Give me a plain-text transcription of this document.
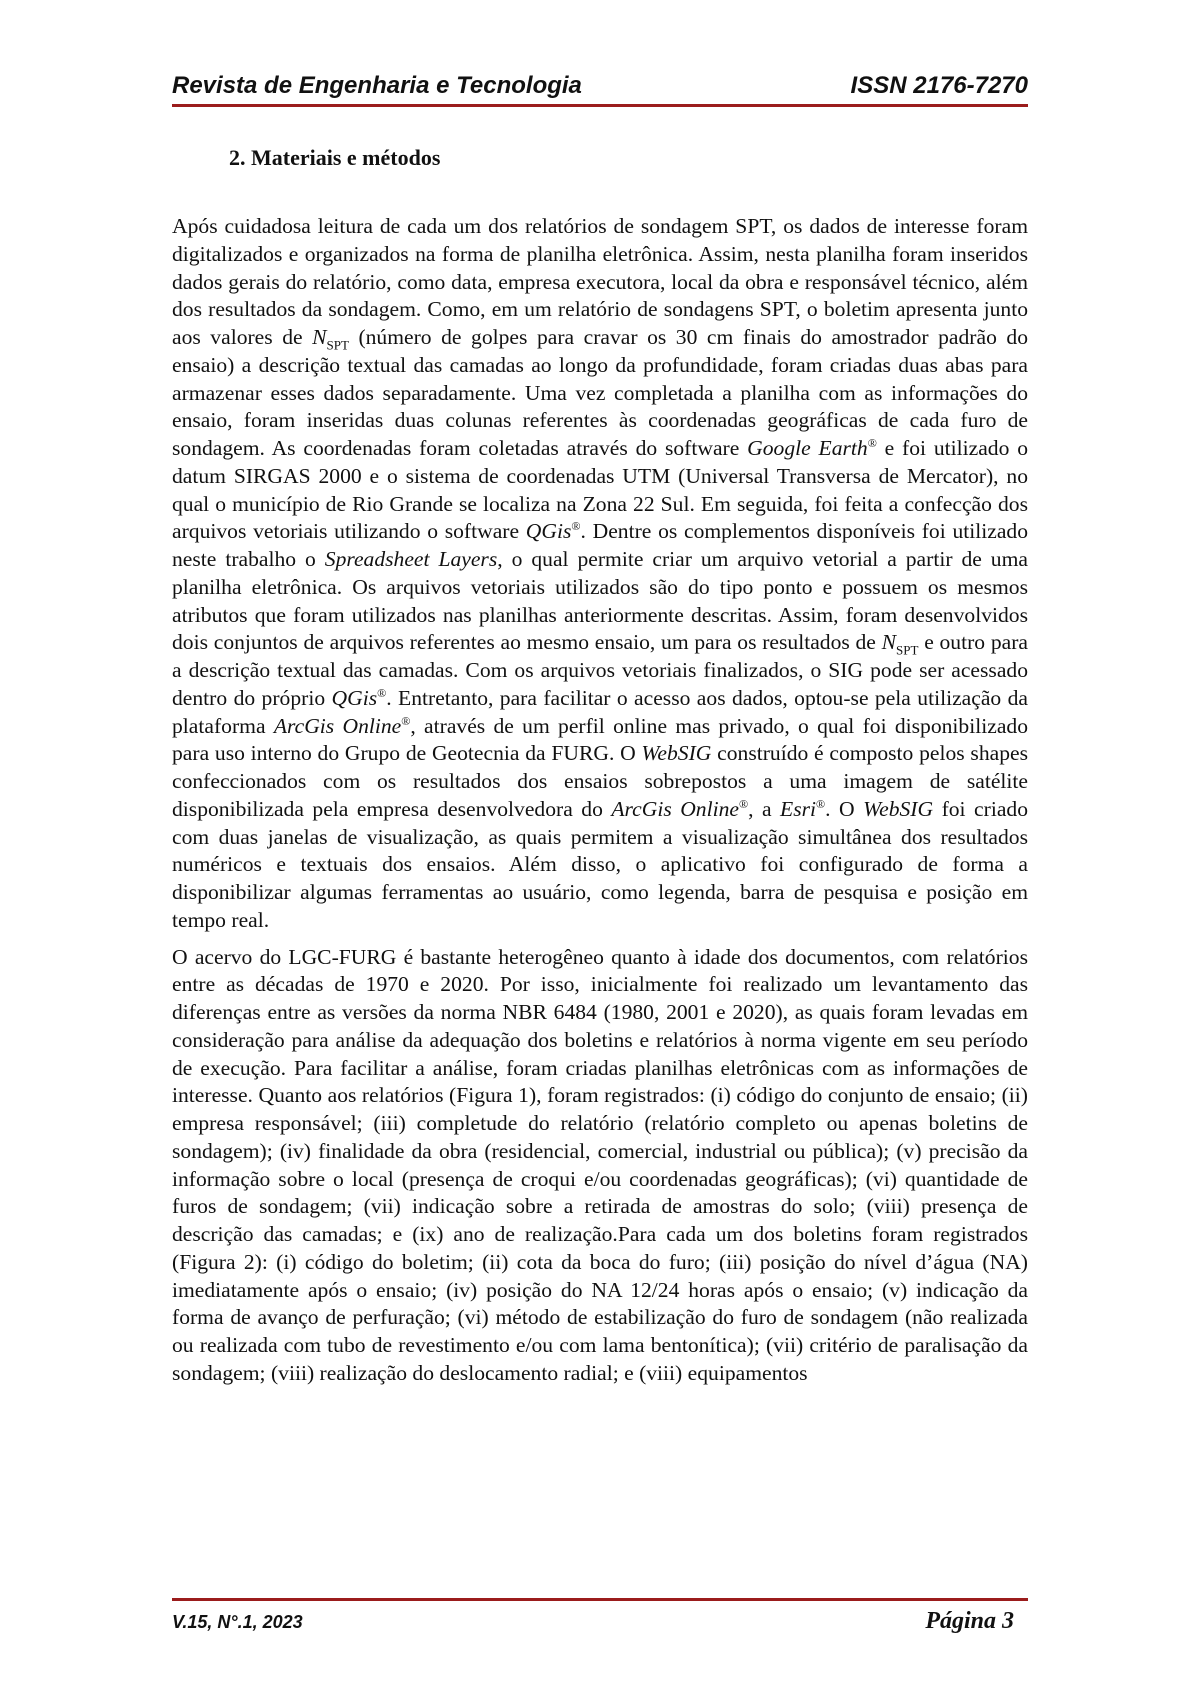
Revista de Engenharia e Tecnologia	ISSN 2176-7270
2. Materiais e métodos

Após cuidadosa leitura de cada um dos relatórios de sondagem SPT, os dados de interesse foram digitalizados e organizados na forma de planilha eletrônica. Assim, nesta planilha foram inseridos dados gerais do relatório, como data, empresa executora, local da obra e responsável técnico, além dos resultados da sondagem. Como, em um relatório de sondagens SPT, o boletim apresenta junto aos valores de $N_{SPT}$ (número de golpes para cravar os 30 cm finais do amostrador padrão do ensaio) a descrição textual das camadas ao longo da profundidade, foram criadas duas abas para armazenar esses dados separadamente. Uma vez completada a planilha com as informações do ensaio, foram inseridas duas colunas referentes às coordenadas geográficas de cada furo de sondagem. As coordenadas foram coletadas através do software Google Earth® e foi utilizado o datum SIRGAS 2000 e o sistema de coordenadas UTM (Universal Transversa de Mercator), no qual o município de Rio Grande se localiza na Zona 22 Sul. Em seguida, foi feita a confecção dos arquivos vetoriais utilizando o software QGis®. Dentre os complementos disponíveis foi utilizado neste trabalho o Spreadsheet Layers, o qual permite criar um arquivo vetorial a partir de uma planilha eletrônica. Os arquivos vetoriais utilizados são do tipo ponto e possuem os mesmos atributos que foram utilizados nas planilhas anteriormente descritas. Assim, foram desenvolvidos dois conjuntos de arquivos referentes ao mesmo ensaio, um para os resultados de $N_{SPT}$ e outro para a descrição textual das camadas. Com os arquivos vetoriais finalizados, o SIG pode ser acessado dentro do próprio QGis®. Entretanto, para facilitar o acesso aos dados, optou-se pela utilização da plataforma ArcGis Online®, através de um perfil online mas privado, o qual foi disponibilizado para uso interno do Grupo de Geotecnia da FURG. O WebSIG construído é composto pelos shapes confeccionados com os resultados dos ensaios sobrepostos a uma imagem de satélite disponibilizada pela empresa desenvolvedora do ArcGis Online®, a Esri®. O WebSIG foi criado com duas janelas de visualização, as quais permitem a visualização simultânea dos resultados numéricos e textuais dos ensaios. Além disso, o aplicativo foi configurado de forma a disponibilizar algumas ferramentas ao usuário, como legenda, barra de pesquisa e posição em tempo real.

O acervo do LGC-FURG é bastante heterogêneo quanto à idade dos documentos, com relatórios entre as décadas de 1970 e 2020. Por isso, inicialmente foi realizado um levantamento das diferenças entre as versões da norma NBR 6484 (1980, 2001 e 2020), as quais foram levadas em consideração para análise da adequação dos boletins e relatórios à norma vigente em seu período de execução. Para facilitar a análise, foram criadas planilhas eletrônicas com as informações de interesse. Quanto aos relatórios (Figura 1), foram registrados: (i) código do conjunto de ensaio; (ii) empresa responsável; (iii) completude do relatório (relatório completo ou apenas boletins de sondagem); (iv) finalidade da obra (residencial, comercial, industrial ou pública); (v) precisão da informação sobre o local (presença de croqui e/ou coordenadas geográficas); (vi) quantidade de furos de sondagem; (vii) indicação sobre a retirada de amostras do solo; (viii) presença de descrição das camadas; e (ix) ano de realização.Para cada um dos boletins foram registrados (Figura 2): (i) código do boletim; (ii) cota da boca do furo; (iii) posição do nível d’água (NA) imediatamente após o ensaio; (iv) posição do NA 12/24 horas após o ensaio; (v) indicação da forma de avanço de perfuração; (vi) método de estabilização do furo de sondagem (não realizada ou realizada com tubo de revestimento e/ou com lama bentonítica); (vii) critério de paralisação da sondagem; (viii) realização do deslocamento radial; e (viii) equipamentos

V.15, N°.1, 2023	Página 3
